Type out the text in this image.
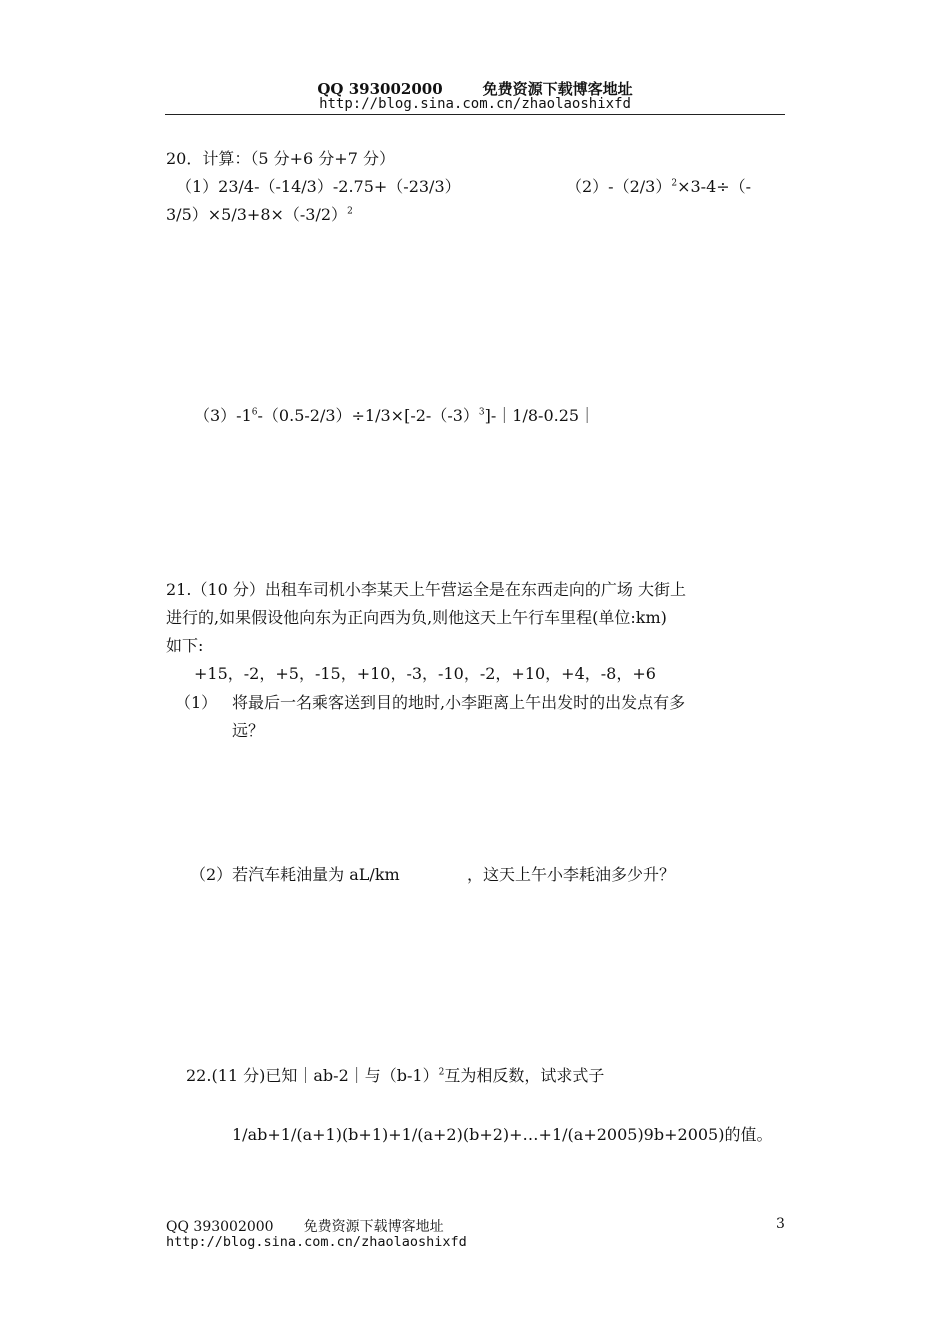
QQ 393002000	免费资源下载博客地址
http://blog.sina.com.cn/zhaolaoshixfd
20．计算：（5 分+6 分+7 分）
（1）23/4-（-14/3）-2.75+（-23/3）	$(2)-(2/3)^2\times 3-4\div(-$
$3/5)\times 5/3+8\times(-3/2)^2$
$(3)-1^6-(0.5-2/3)\div 1/3\times[-2-(-3)^3]-|1/8-0.25|$
21.（10 分）出租车司机小李某天上午营运全是在东西走向的广场 大街上
进行的,如果假设他向东为正向西为负,则他这天上午行车里程(单位:km)
如下:
+15，-2，+5，-15，+10，-3，-10，-2，+10，+4，-8，+6
（1） 将最后一名乘客送到目的地时,小李距离上午出发时的出发点有多
远？
（2）若汽车耗油量为 aL/km	，这天上午小李耗油多少升？
22.(11 分)已知｜ab-2｜与$(b-1)^2$互为相反数，试求式子
1/ab+1/(a+1)(b+1)+1/(a+2)(b+2)+…+1/(a+2005)9b+2005)的值。
QQ 393002000 免费资源下载博客地址
http://blog.sina.com.cn/zhaolaoshixfd
3
